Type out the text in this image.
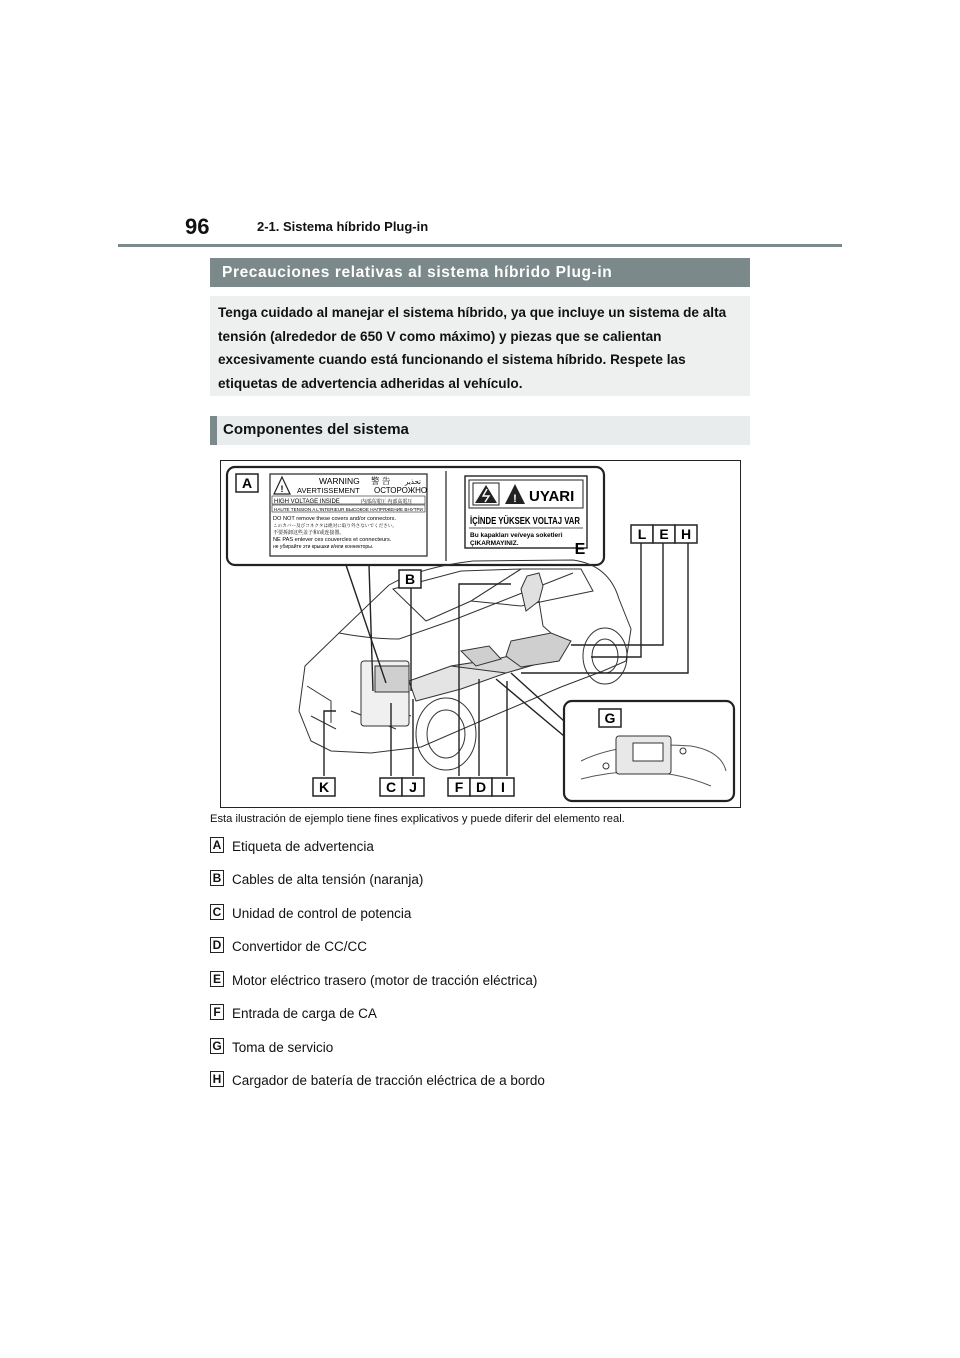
96	2-1. Sistema híbrido Plug-in
Precauciones relativas al sistema híbrido Plug-in
Tenga cuidado al manejar el sistema híbrido, ya que incluye un sistema de alta tensión (alrededor de 650 V como máximo) y piezas que se calientan excesivamente cuando está funcionando el sistema híbrido. Respete las etiquetas de advertencia adheridas al vehículo.
Componentes del sistema
A	!
WARNING 警 告 تحذير
AVERTISSEMENT ОСТОРОЖНО
HIGH VOLTAGE INSIDE	内部高電圧 内部高電圧
HAUTE TENSION A L'INTERIEUR ВЫСОКОЕ НАПРЯЖЕНИЕ ВНУТРИ
DO NOT remove these covers and/or connectors.
このカバー及びコネクタは絶対に取り外さないでください。
不要拆卸这些盖子和/或连接器。
NE PAS enlever ces couvercles et connecteurs.
не убирайте эти крышки и/или коннекторы.
! UYARI
İÇİNDE YÜKSEK VOLTAJ VAR
Bu kapakları ve/veya soketleri
ÇIKARMAYINIZ.	E
B
L E H
G
K	C J	F D I
Esta ilustración de ejemplo tiene fines explicativos y puede diferir del elemento real.
A Etiqueta de advertencia
B Cables de alta tensión (naranja)
C Unidad de control de potencia
D Convertidor de CC/CC
E Motor eléctrico trasero (motor de tracción eléctrica)
F Entrada de carga de CA
G Toma de servicio
H Cargador de batería de tracción eléctrica de a bordo
